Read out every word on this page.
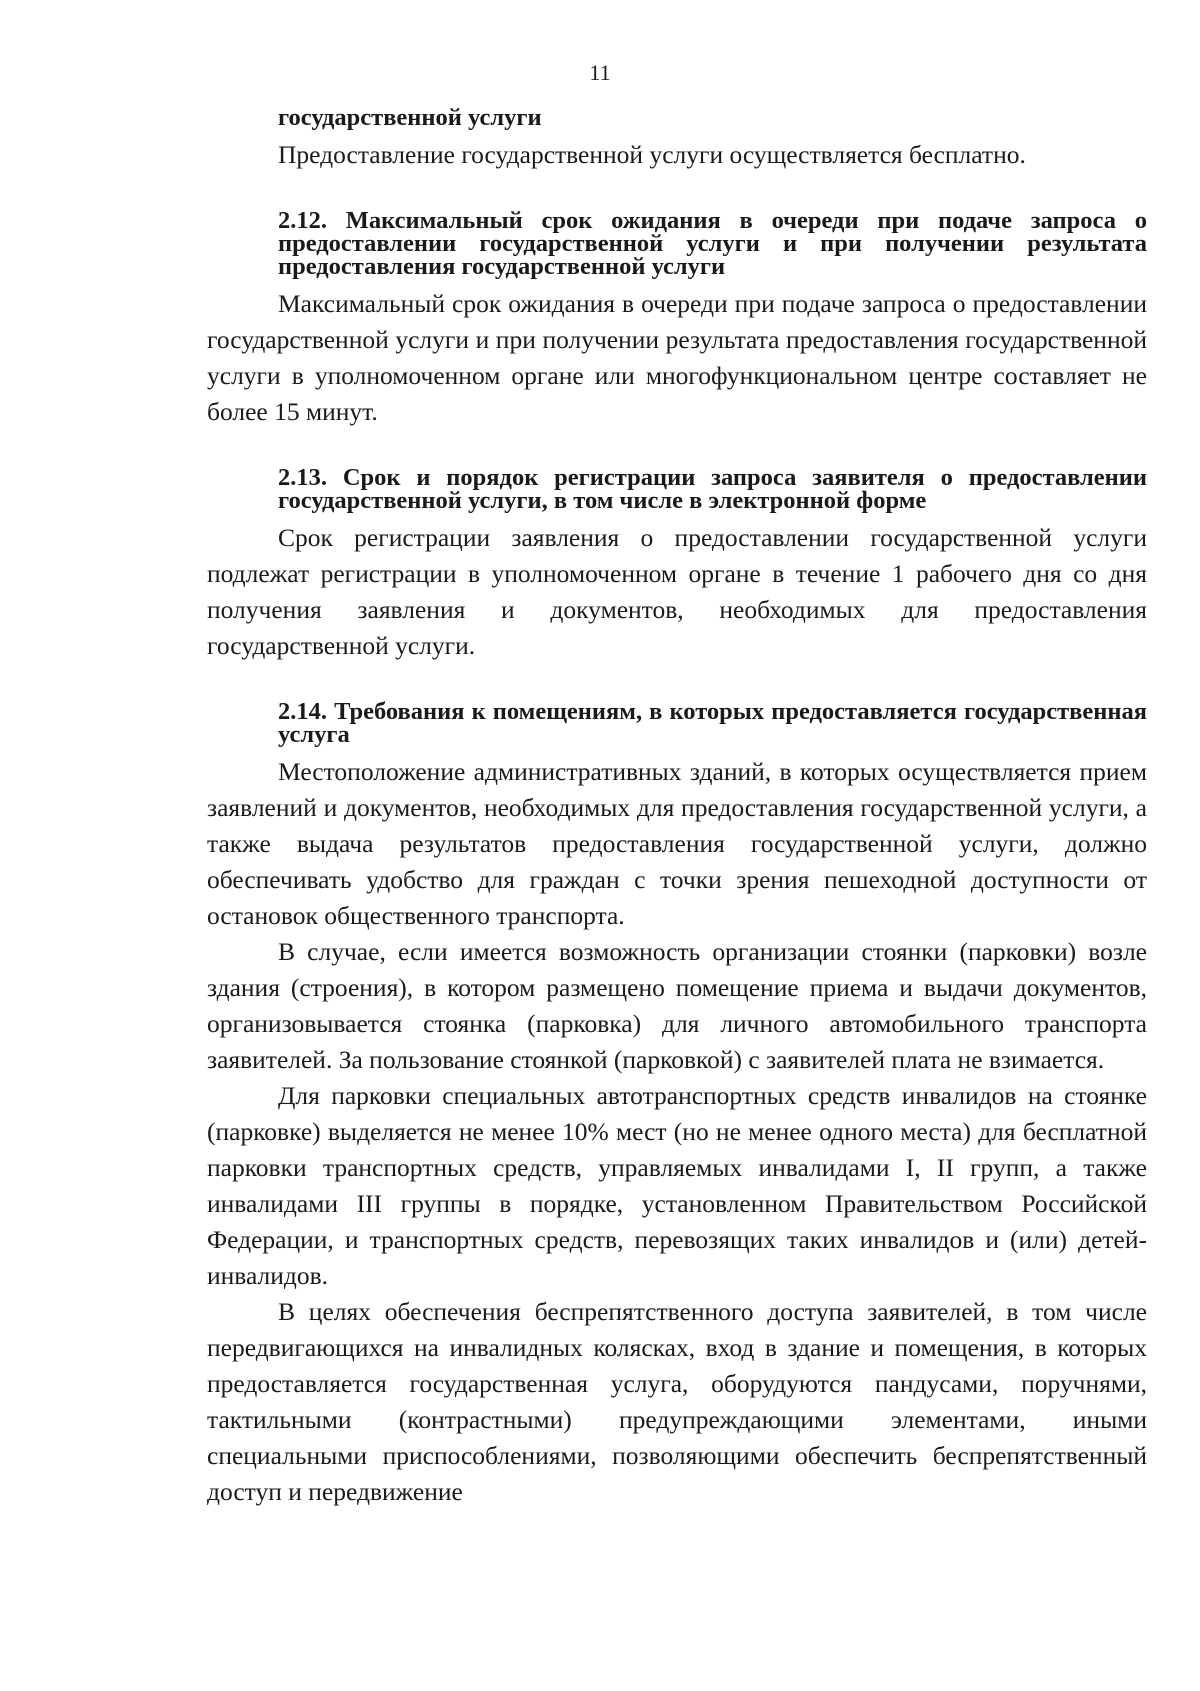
11

государственной услуги

Предоставление государственной услуги осуществляется бесплатно.

2.12. Максимальный срок ожидания в очереди при подаче запроса о предоставлении государственной услуги и при получении результата предоставления государственной услуги

Максимальный срок ожидания в очереди при подаче запроса о предоставлении государственной услуги и при получении результата предоставления государственной услуги в уполномоченном органе или многофункциональном центре составляет не более 15 минут.

2.13. Срок и порядок регистрации запроса заявителя о предоставлении государственной услуги, в том числе в электронной форме

Срок регистрации заявления о предоставлении государственной услуги подлежат регистрации в уполномоченном органе в течение 1 рабочего дня со дня получения заявления и документов, необходимых для предоставления государственной услуги.

2.14. Требования к помещениям, в которых предоставляется государственная услуга

Местоположение административных зданий, в которых осуществляется прием заявлений и документов, необходимых для предоставления государственной услуги, а также выдача результатов предоставления государственной услуги, должно обеспечивать удобство для граждан с точки зрения пешеходной доступности от остановок общественного транспорта.

В случае, если имеется возможность организации стоянки (парковки) возле здания (строения), в котором размещено помещение приема и выдачи документов, организовывается стоянка (парковка) для личного автомобильного транспорта заявителей. За пользование стоянкой (парковкой) с заявителей плата не взимается.

Для парковки специальных автотранспортных средств инвалидов на стоянке (парковке) выделяется не менее 10% мест (но не менее одного места) для бесплатной парковки транспортных средств, управляемых инвалидами I, II групп, а также инвалидами III группы в порядке, установленном Правительством Российской Федерации, и транспортных средств, перевозящих таких инвалидов и (или) детей-инвалидов.

В целях обеспечения беспрепятственного доступа заявителей, в том числе передвигающихся на инвалидных колясках, вход в здание и помещения, в которых предоставляется государственная услуга, оборудуются пандусами, поручнями, тактильными (контрастными) предупреждающими элементами, иными специальными приспособлениями, позволяющими обеспечить беспрепятственный доступ и передвижение
